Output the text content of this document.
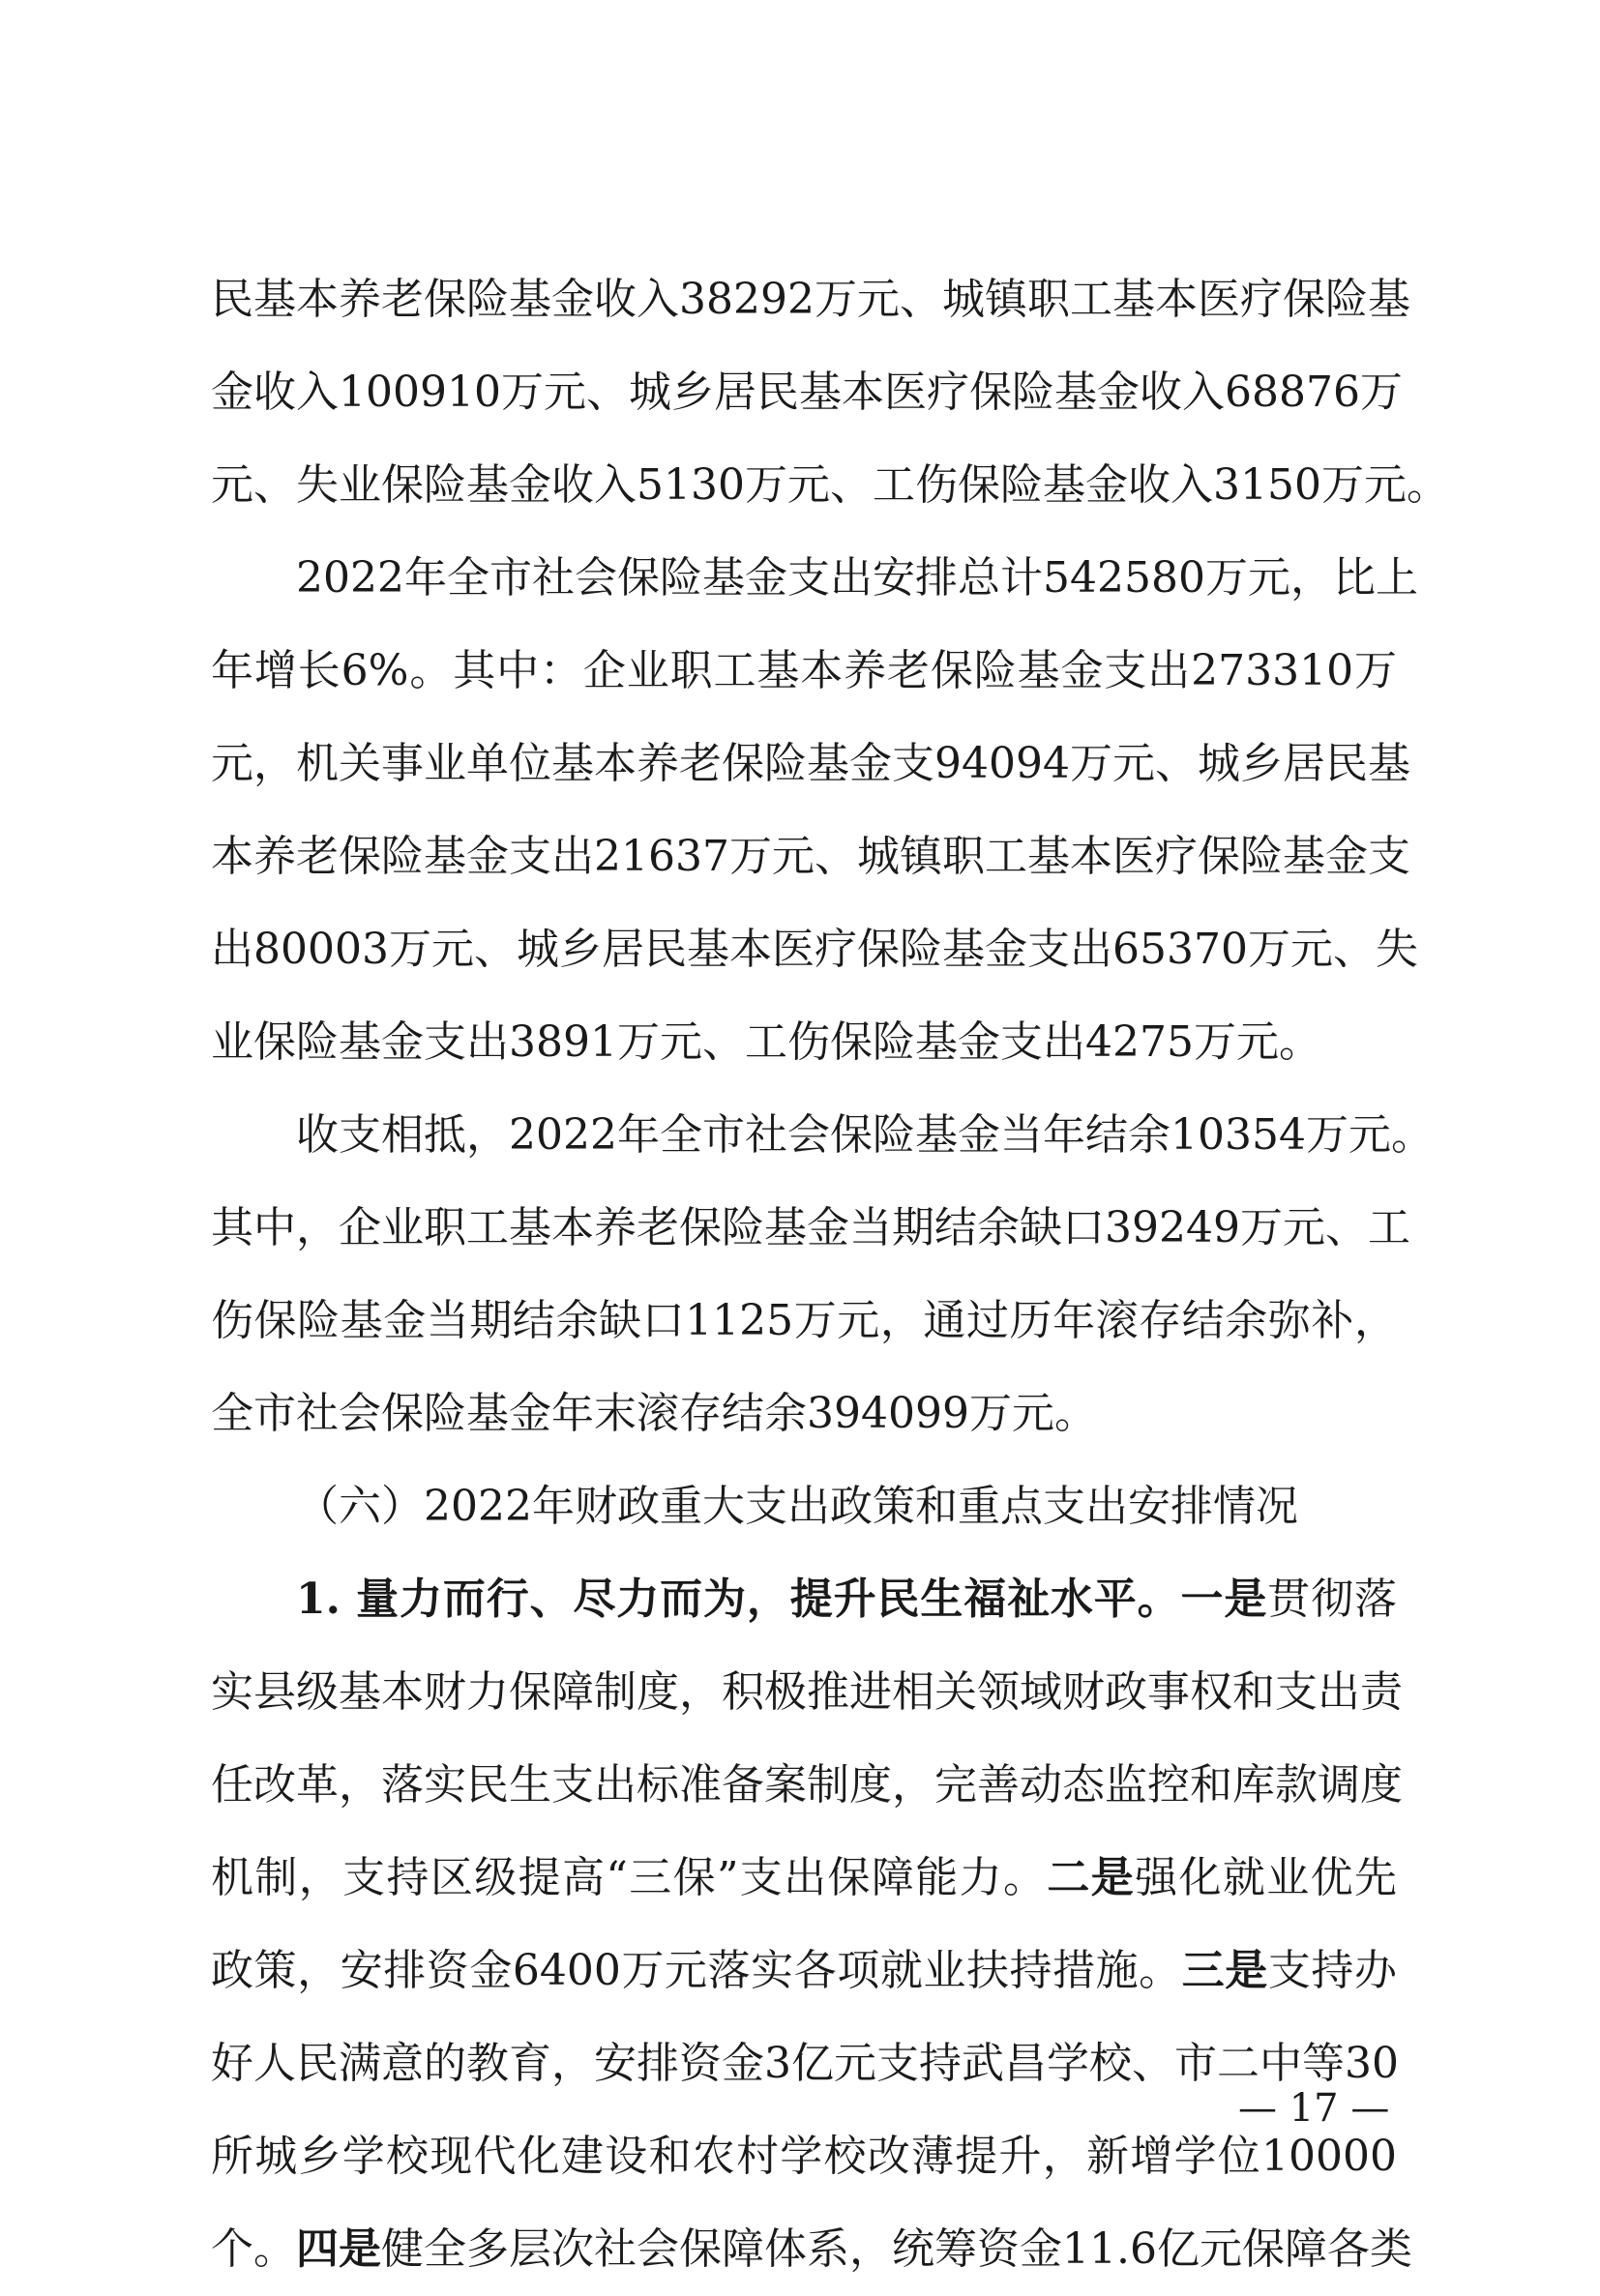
民基本养老保险基金收入38292万元、城镇职工基本医疗保险基
金收入100910万元、城乡居民基本医疗保险基金收入68876万
元、失业保险基金收入5130万元、工伤保险基金收入3150万元。
2022年全市社会保险基金支出安排总计542580万元，比上
年增长6%。其中：企业职工基本养老保险基金支出273310万
元，机关事业单位基本养老保险基金支94094万元、城乡居民基
本养老保险基金支出21637万元、城镇职工基本医疗保险基金支
出80003万元、城乡居民基本医疗保险基金支出65370万元、失
业保险基金支出3891万元、工伤保险基金支出4275万元。
收支相抵，2022年全市社会保险基金当年结余10354万元。
其中，企业职工基本养老保险基金当期结余缺口39249万元、工
伤保险基金当期结余缺口1125万元，通过历年滚存结余弥补，
全市社会保险基金年末滚存结余394099万元。
（六）2022年财政重大支出政策和重点支出安排情况
1. 量力而行、尽力而为，提升民生福祉水平。一是贯彻落
实县级基本财力保障制度，积极推进相关领域财政事权和支出责
任改革，落实民生支出标准备案制度，完善动态监控和库款调度
机制，支持区级提高“三保”支出保障能力。二是强化就业优先
政策，安排资金6400万元落实各项就业扶持措施。三是支持办
好人民满意的教育，安排资金3亿元支持武昌学校、市二中等30
所城乡学校现代化建设和农村学校改薄提升，新增学位10000
个。四是健全多层次社会保障体系，统筹资金11.6亿元保障各类
— 17 —
